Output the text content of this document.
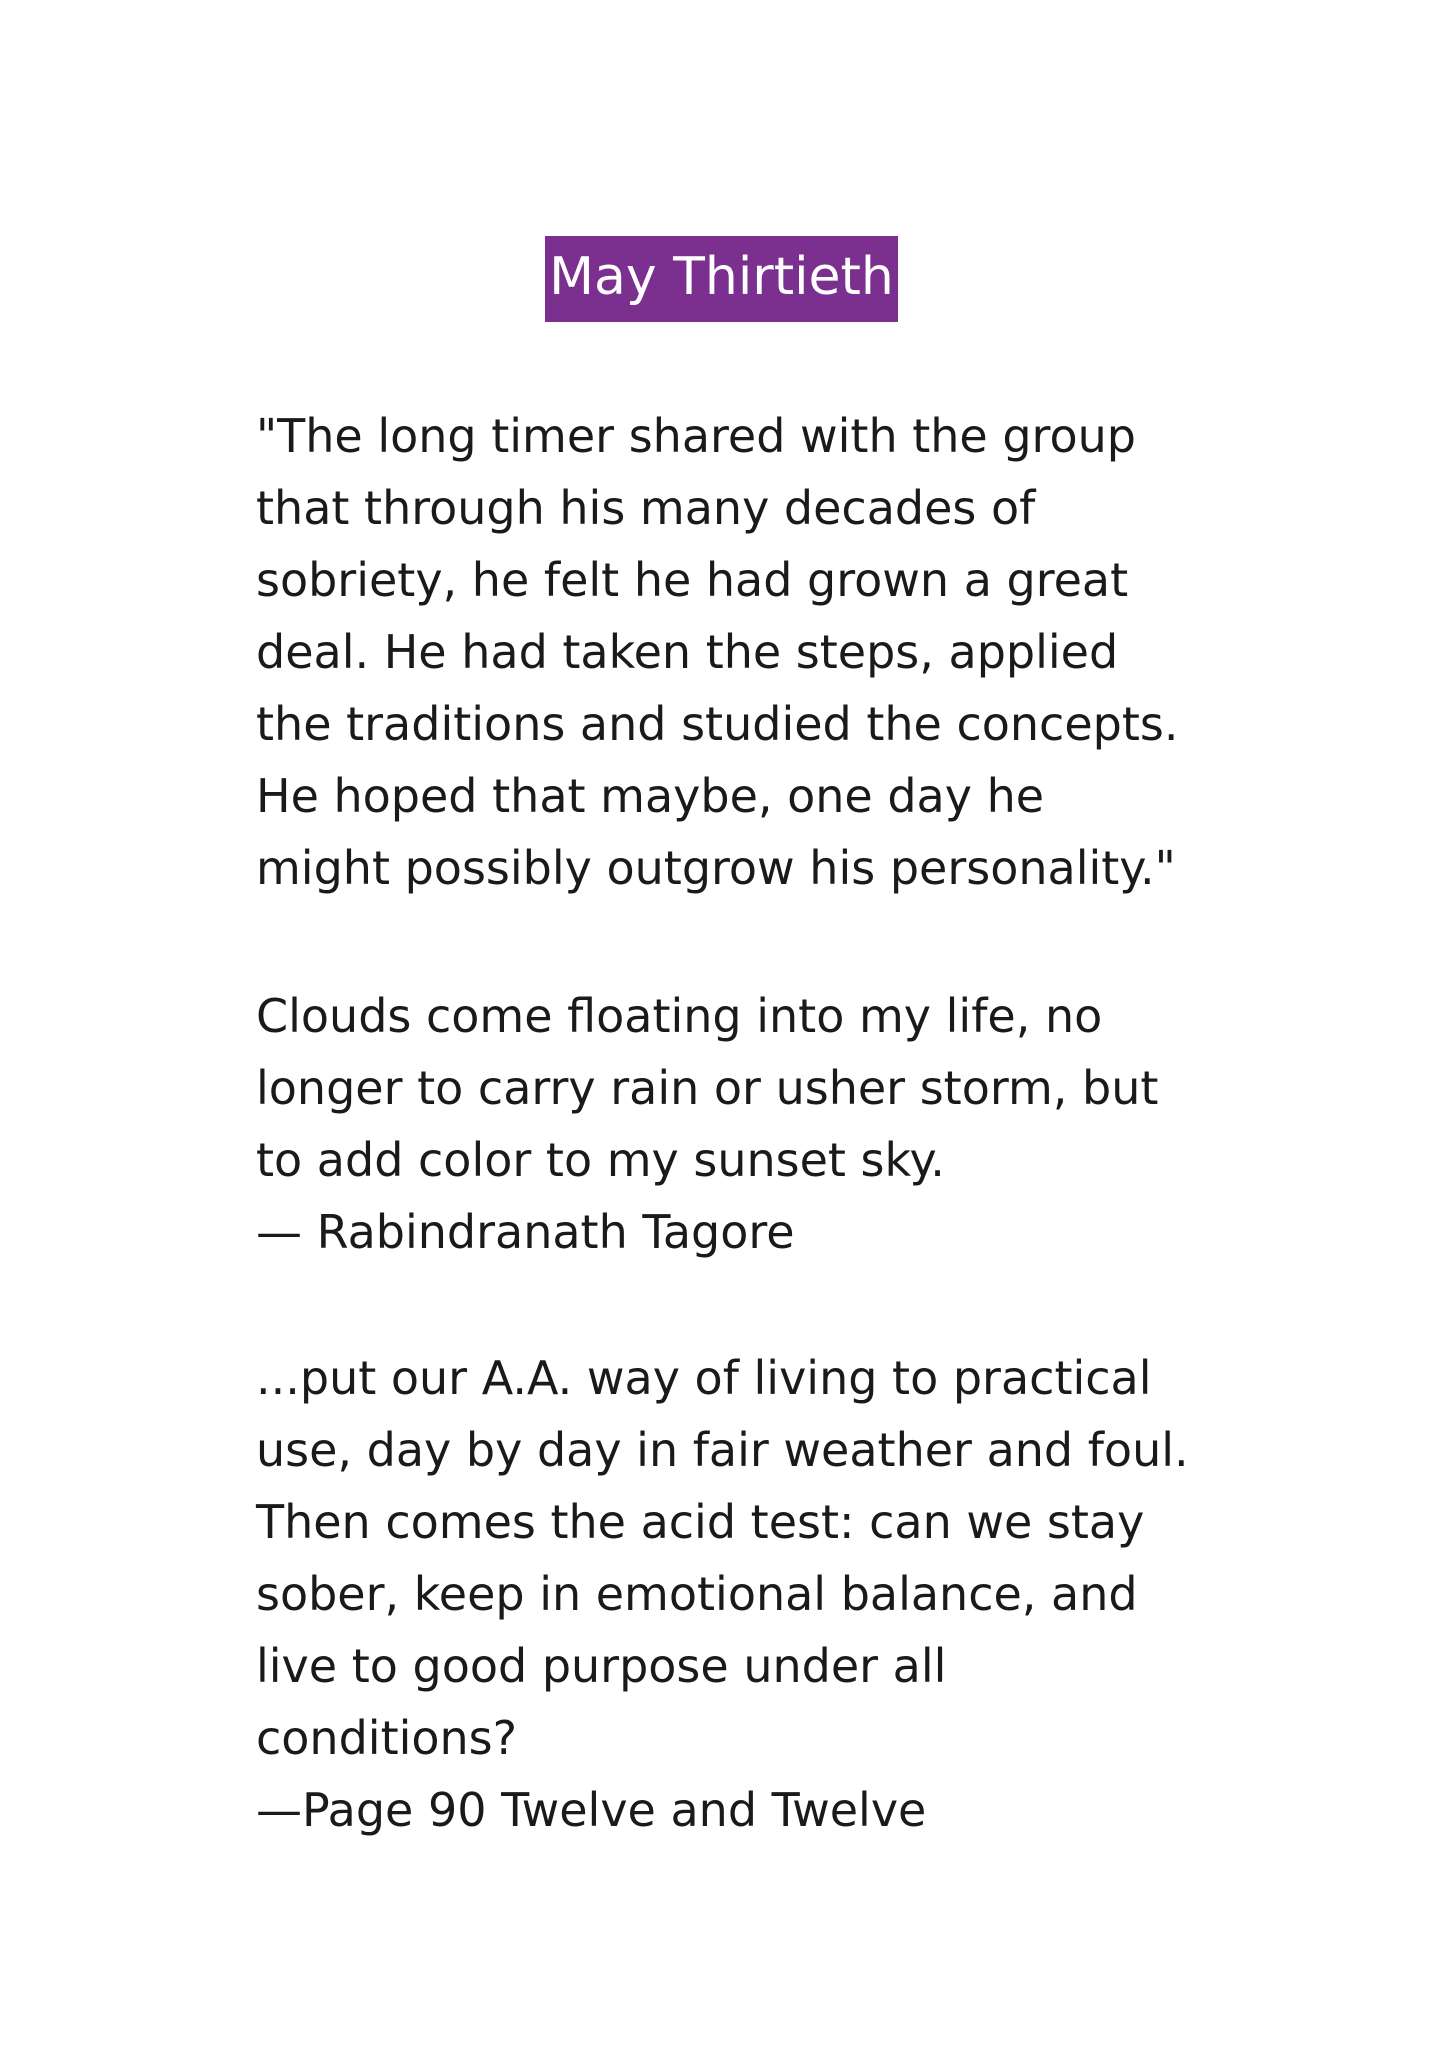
May Thirtieth
"The long timer shared with the group
that through his many decades of
sobriety, he felt he had grown a great
deal. He had taken the steps, applied
the traditions and studied the concepts.
He hoped that maybe, one day he
might possibly outgrow his personality."
Clouds come floating into my life, no
longer to carry rain or usher storm, but
to add color to my sunset sky.
— Rabindranath Tagore
...put our A.A. way of living to practical
use, day by day in fair weather and foul.
Then comes the acid test: can we stay
sober, keep in emotional balance, and
live to good purpose under all
conditions?
—Page 90 Twelve and Twelve
